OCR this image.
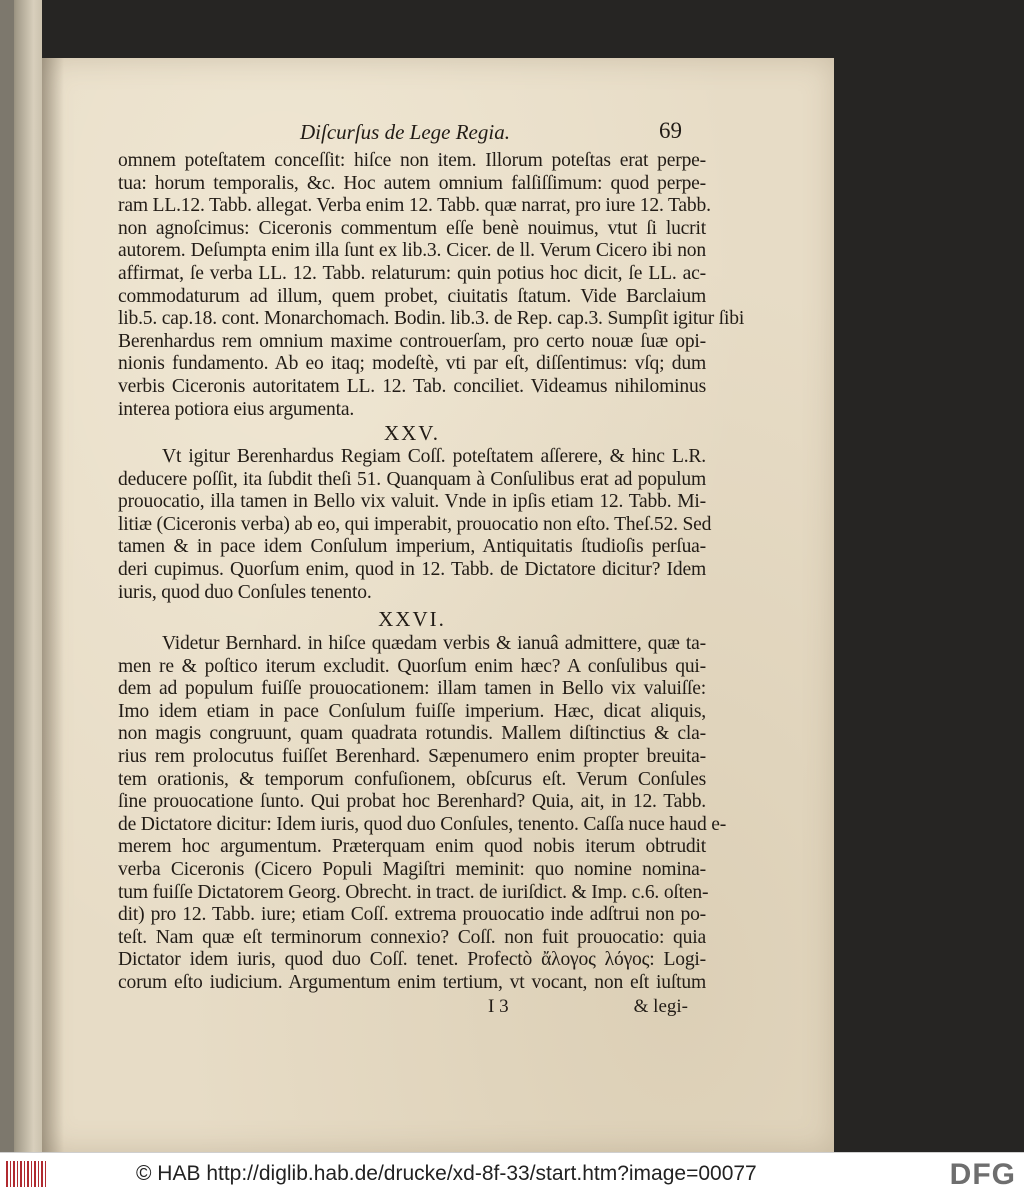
Diſcurſus de Lege Regia.	69
omnem poteſtatem conceſſit: hiſce non item. Illorum poteſtas erat perpe-
tua: horum temporalis, &c. Hoc autem omnium falſiſſimum: quod perpe-
ram LL.12. Tabb. allegat. Verba enim 12. Tabb. quæ narrat, pro iure 12. Tabb.
non agnoſcimus: Ciceronis commentum eſſe benè nouimus, vtut ſi lucrit
autorem. Deſumpta enim illa ſunt ex lib.3. Cicer. de ll. Verum Cicero ibi non
affirmat, ſe verba LL. 12. Tabb. relaturum: quin potius hoc dicit, ſe LL. ac-
commodaturum ad illum, quem probet, ciuitatis ſtatum. Vide Barclaium
lib.5. cap.18. cont. Monarchomach. Bodin. lib.3. de Rep. cap.3. Sumpſit igitur ſibi
Berenhardus rem omnium maxime controuerſam, pro certo nouæ ſuæ opi-
nionis fundamento. Ab eo itaq; modeſtè, vti par eſt, diſſentimus: vſq; dum
verbis Ciceronis autoritatem LL. 12. Tab. conciliet. Videamus nihilominus
interea potiora eius argumenta.
XXV.
Vt igitur Berenhardus Regiam Coſſ. poteſtatem aſſerere, & hinc L.R.
deducere poſſit, ita ſubdit theſi 51. Quanquam à Conſulibus erat ad populum
prouocatio, illa tamen in Bello vix valuit. Vnde in ipſis etiam 12. Tabb. Mi-
litiæ (Ciceronis verba) ab eo, qui imperabit, prouocatio non eſto. Theſ.52. Sed
tamen & in pace idem Conſulum imperium, Antiquitatis ſtudioſis perſua-
deri cupimus. Quorſum enim, quod in 12. Tabb. de Dictatore dicitur? Idem
iuris, quod duo Conſules tenento.
XXVI.
Videtur Bernhard. in hiſce quædam verbis & ianuâ admittere, quæ ta-
men re & poſtico iterum excludit. Quorſum enim hæc? A conſulibus qui-
dem ad populum fuiſſe prouocationem: illam tamen in Bello vix valuiſſe:
Imo idem etiam in pace Conſulum fuiſſe imperium. Hæc, dicat aliquis,
non magis congruunt, quam quadrata rotundis. Mallem diſtinctius & cla-
rius rem prolocutus fuiſſet Berenhard. Sæpenumero enim propter breuita-
tem orationis, & temporum confuſionem, obſcurus eſt. Verum Conſules
ſine prouocatione ſunto. Qui probat hoc Berenhard? Quia, ait, in 12. Tabb.
de Dictatore dicitur: Idem iuris, quod duo Conſules, tenento. Caſſa nuce haud e-
merem hoc argumentum. Præterquam enim quod nobis iterum obtrudit
verba Ciceronis (Cicero Populi Magiſtri meminit: quo nomine nomina-
tum fuiſſe Dictatorem Georg. Obrecht. in tract. de iuriſdict. & Imp. c.6. oſten-
dit) pro 12. Tabb. iure; etiam Coſſ. extrema prouocatio inde adſtrui non po-
teſt. Nam quæ eſt terminorum connexio? Coſſ. non fuit prouocatio: quia
Dictator idem iuris, quod duo Coſſ. tenet. Profectò ἄλογος λόγος: Logi-
corum eſto iudicium. Argumentum enim tertium, vt vocant, non eſt iuſtum
I 3	& legi-
© HAB http://diglib.hab.de/drucke/xd-8f-33/start.htm?image=00077	DFG
